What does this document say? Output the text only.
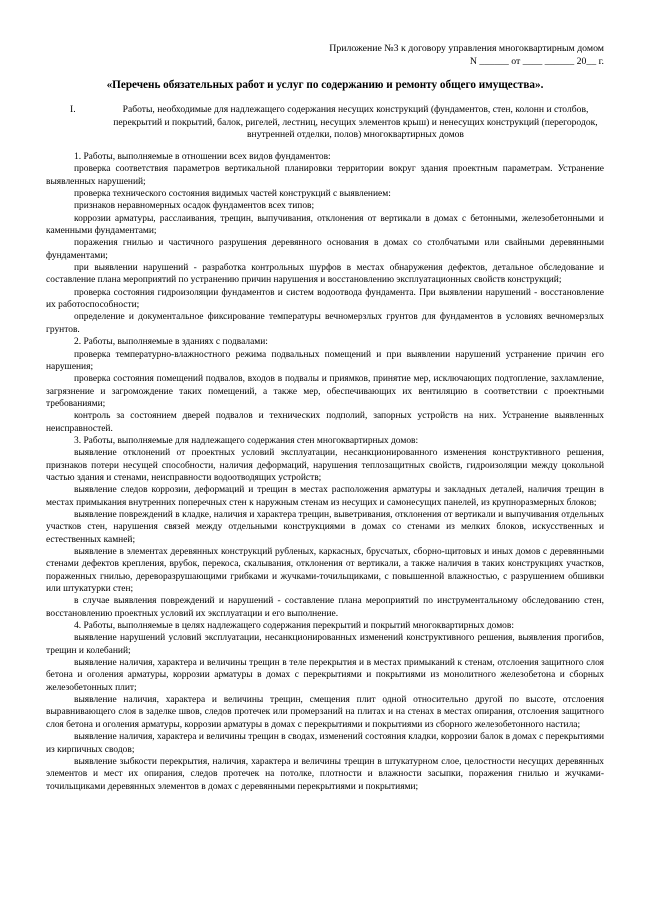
Приложение №3 к договору управления многоквартирным домом
N ______ от ____ ______ 20__ г.
«Перечень обязательных работ и услуг по содержанию и ремонту общего имущества».
I.	Работы, необходимые для надлежащего содержания несущих конструкций (фундаментов, стен, колонн и столбов, перекрытий и покрытий, балок, ригелей, лестниц, несущих элементов крыш) и ненесущих конструкций (перегородок, внутренней отделки, полов) многоквартирных домов

1. Работы, выполняемые в отношении всех видов фундаментов:

проверка соответствия параметров вертикальной планировки территории вокруг здания проектным параметрам. Устранение выявленных нарушений;

проверка технического состояния видимых частей конструкций с выявлением:

признаков неравномерных осадок фундаментов всех типов;

коррозии арматуры, расслаивания, трещин, выпучивания, отклонения от вертикали в домах с бетонными, железобетонными и каменными фундаментами;

поражения гнилью и частичного разрушения деревянного основания в домах со столбчатыми или свайными деревянными фундаментами;

при выявлении нарушений - разработка контрольных шурфов в местах обнаружения дефектов, детальное обследование и составление плана мероприятий по устранению причин нарушения и восстановлению эксплуатационных свойств конструкций;

проверка состояния гидроизоляции фундаментов и систем водоотвода фундамента. При выявлении нарушений - восстановление их работоспособности;

определение и документальное фиксирование температуры вечномерзлых грунтов для фундаментов в условиях вечномерзлых грунтов.

2. Работы, выполняемые в зданиях с подвалами:

проверка температурно-влажностного режима подвальных помещений и при выявлении нарушений устранение причин его нарушения;

проверка состояния помещений подвалов, входов в подвалы и приямков, принятие мер, исключающих подтопление, захламление, загрязнение и загромождение таких помещений, а также мер, обеспечивающих их вентиляцию в соответствии с проектными требованиями;

контроль за состоянием дверей подвалов и технических подполий, запорных устройств на них. Устранение выявленных неисправностей.

3. Работы, выполняемые для надлежащего содержания стен многоквартирных домов:

выявление отклонений от проектных условий эксплуатации, несанкционированного изменения конструктивного решения, признаков потери несущей способности, наличия деформаций, нарушения теплозащитных свойств, гидроизоляции между цокольной частью здания и стенами, неисправности водоотводящих устройств;

выявление следов коррозии, деформаций и трещин в местах расположения арматуры и закладных деталей, наличия трещин в местах примыкания внутренних поперечных стен к наружным стенам из несущих и самонесущих панелей, из крупноразмерных блоков;

выявление повреждений в кладке, наличия и характера трещин, выветривания, отклонения от вертикали и выпучивания отдельных участков стен, нарушения связей между отдельными конструкциями в домах со стенами из мелких блоков, искусственных и естественных камней;

выявление в элементах деревянных конструкций рубленых, каркасных, брусчатых, сборно-щитовых и иных домов с деревянными стенами дефектов крепления, врубок, перекоса, скалывания, отклонения от вертикали, а также наличия в таких конструкциях участков, пораженных гнилью, дереворазрушающими грибками и жучками-точильщиками, с повышенной влажностью, с разрушением обшивки или штукатурки стен;

в случае выявления повреждений и нарушений - составление плана мероприятий по инструментальному обследованию стен, восстановлению проектных условий их эксплуатации и его выполнение.

4. Работы, выполняемые в целях надлежащего содержания перекрытий и покрытий многоквартирных домов:

выявление нарушений условий эксплуатации, несанкционированных изменений конструктивного решения, выявления прогибов, трещин и колебаний;

выявление наличия, характера и величины трещин в теле перекрытия и в местах примыканий к стенам, отслоения защитного слоя бетона и оголения арматуры, коррозии арматуры в домах с перекрытиями и покрытиями из монолитного железобетона и сборных железобетонных плит;

выявление наличия, характера и величины трещин, смещения плит одной относительно другой по высоте, отслоения выравнивающего слоя в заделке швов, следов протечек или промерзаний на плитах и на стенах в местах опирания, отслоения защитного слоя бетона и оголения арматуры, коррозии арматуры в домах с перекрытиями и покрытиями из сборного железобетонного настила;

выявление наличия, характера и величины трещин в сводах, изменений состояния кладки, коррозии балок в домах с перекрытиями из кирпичных сводов;

выявление зыбкости перекрытия, наличия, характера и величины трещин в штукатурном слое, целостности несущих деревянных элементов и мест их опирания, следов протечек на потолке, плотности и влажности засыпки, поражения гнилью и жучками-точильщиками деревянных элементов в домах с деревянными перекрытиями и покрытиями;
